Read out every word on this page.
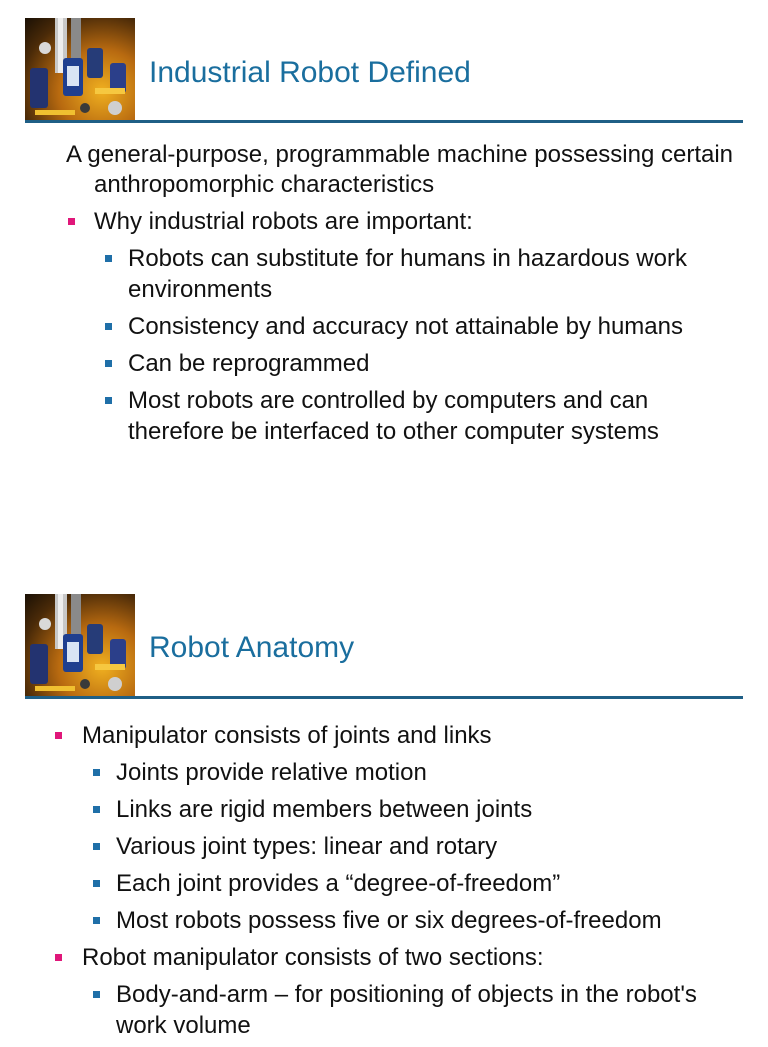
Industrial Robot Defined

A general-purpose, programmable machine possessing certain anthropomorphic characteristics

Why industrial robots are important:
Robots can substitute for humans in hazardous work environments
Consistency and accuracy not attainable by humans
Can be reprogrammed
Most robots are controlled by computers and can therefore be interfaced to other computer systems
Robot Anatomy
Manipulator consists of joints and links
Joints provide relative motion
Links are rigid members between joints
Various joint types: linear and rotary
Each joint provides a “degree-of-freedom”
Most robots possess five or six degrees-of-freedom
Robot manipulator consists of two sections:
Body-and-arm – for positioning of objects in the robot's work volume
